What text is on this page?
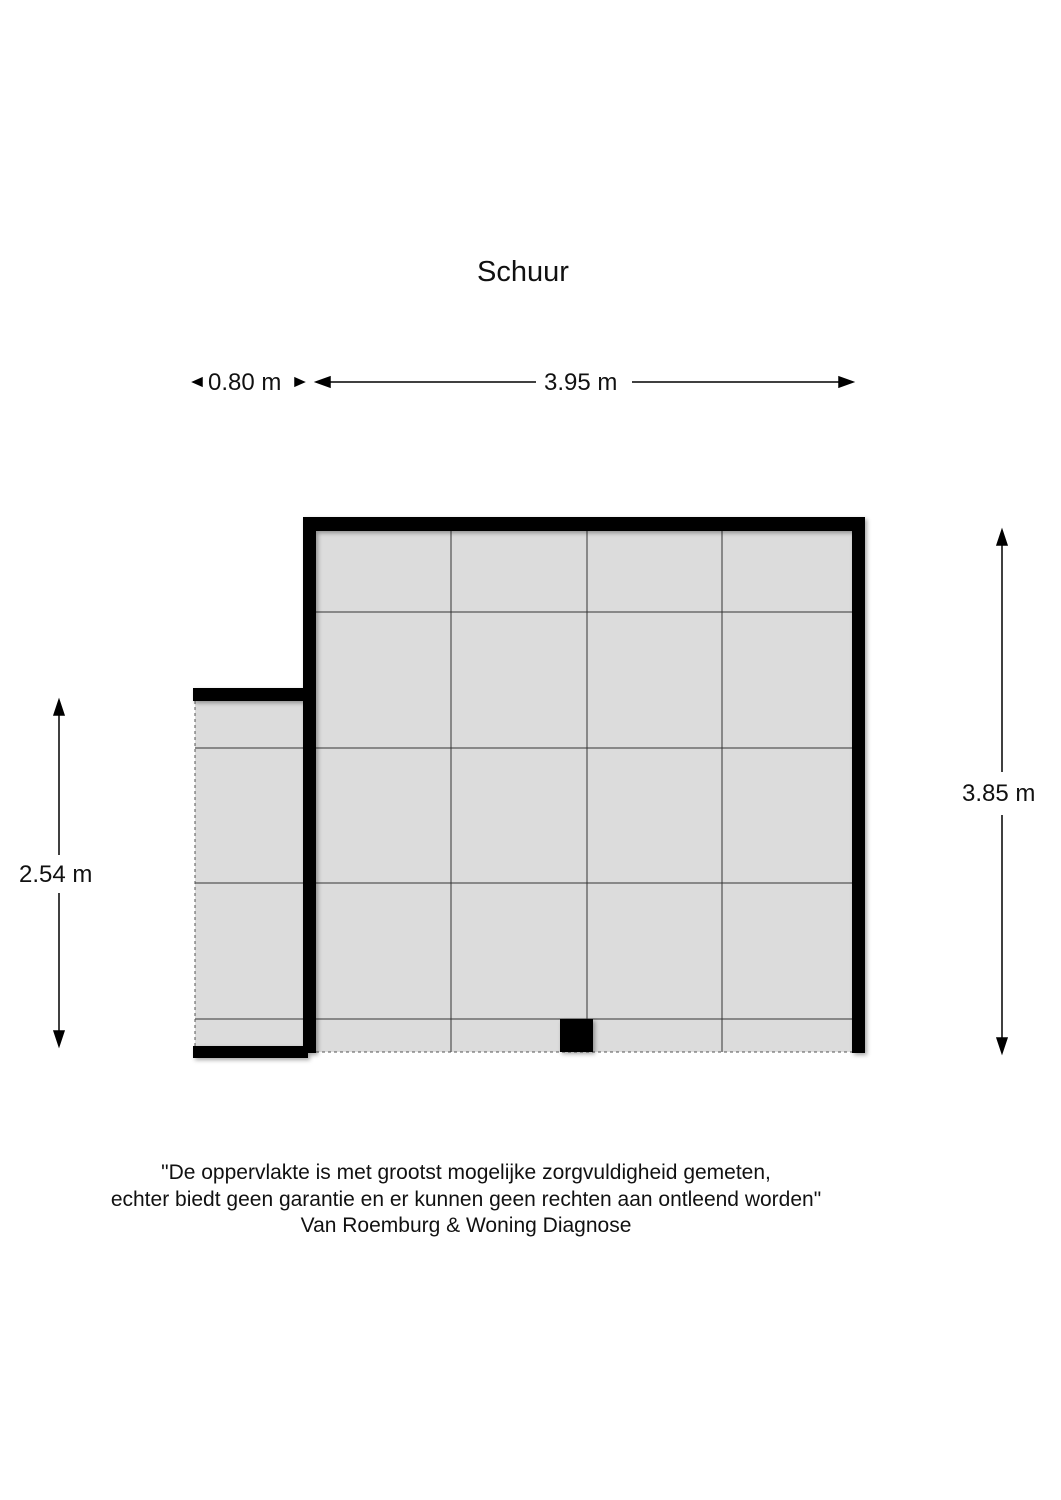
Schuur
0.80 m	3.95 m
3.85 m
2.54 m
"De oppervlakte is met grootst mogelijke zorgvuldigheid gemeten,
echter biedt geen garantie en er kunnen geen rechten aan ontleend worden"
Van Roemburg & Woning Diagnose
